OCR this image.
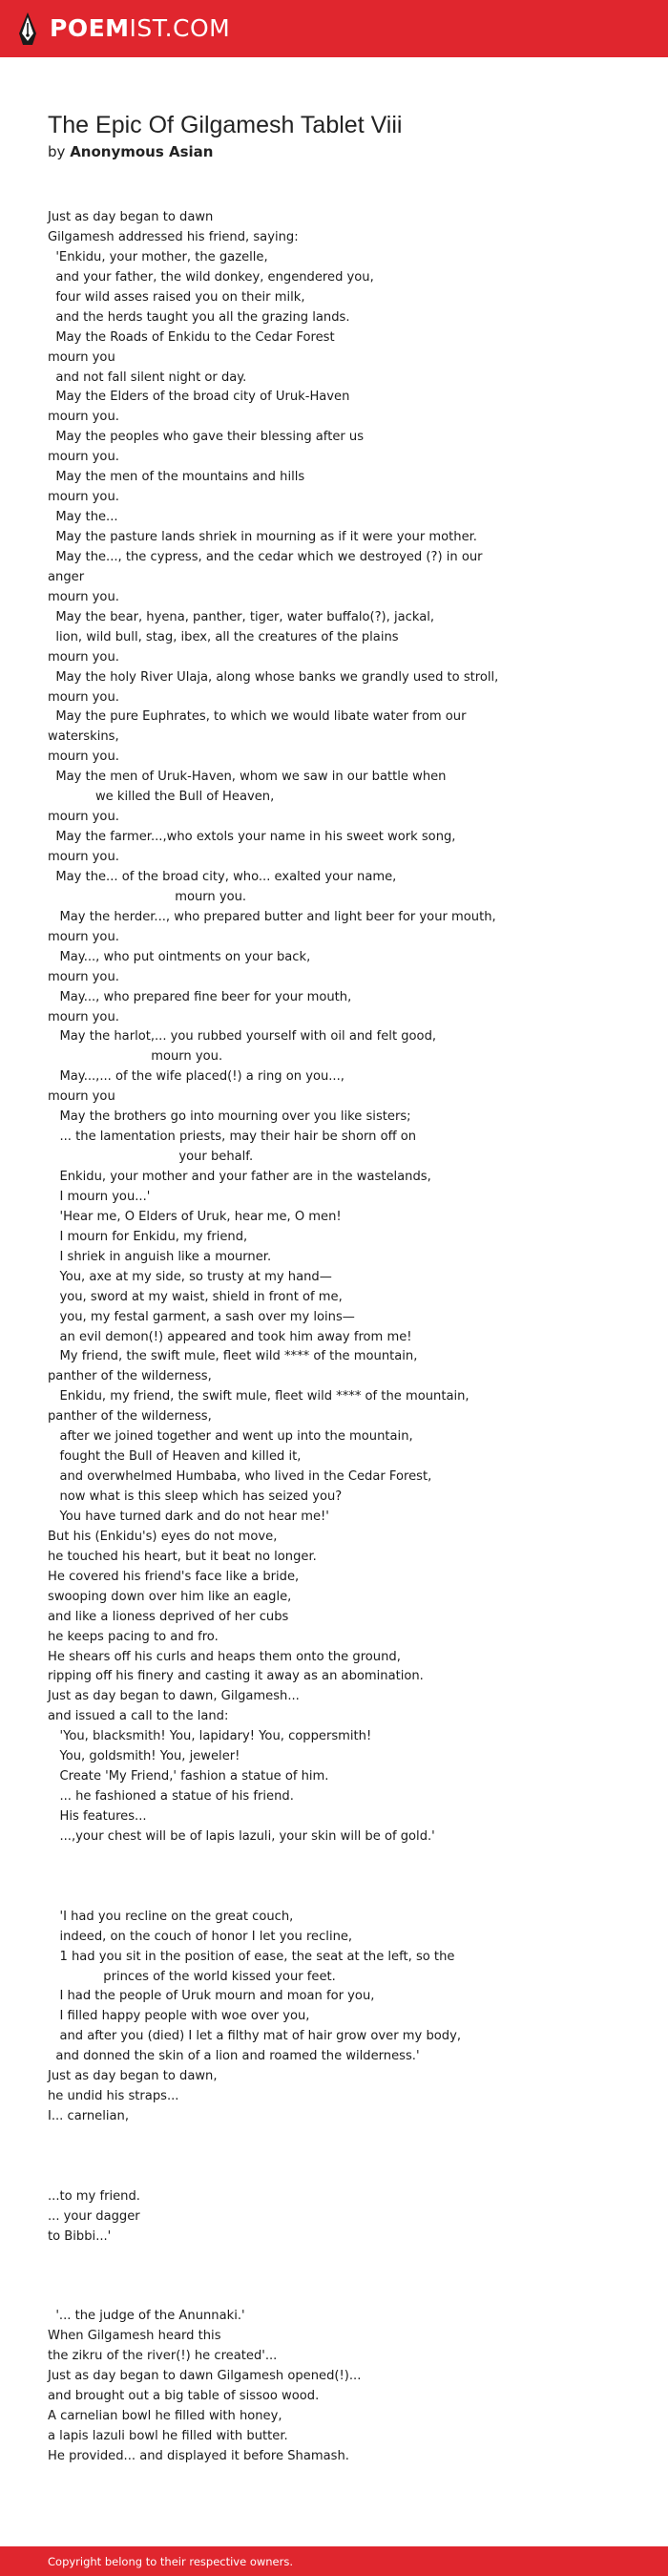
POEMIST.COM
The Epic Of Gilgamesh Tablet Viii
by Anonymous Asian
Just as day began to dawn
Gilgamesh addressed his friend, saying:
'Enkidu, your mother, the gazelle,
and your father, the wild donkey, engendered you,
four wild asses raised you on their milk,
and the herds taught you all the grazing lands.
May the Roads of Enkidu to the Cedar Forest
mourn you
and not fall silent night or day.
May the Elders of the broad city of Uruk-Haven
mourn you.
May the peoples who gave their blessing after us
mourn you.
May the men of the mountains and hills
mourn you.
May the...
May the pasture lands shriek in mourning as if it were your mother.
May the..., the cypress, and the cedar which we destroyed (?) in our
anger
mourn you.
May the bear, hyena, panther, tiger, water buffalo(?), jackal,
lion, wild bull, stag, ibex, all the creatures of the plains
mourn you.
May the holy River Ulaja, along whose banks we grandly used to stroll,
mourn you.
May the pure Euphrates, to which we would libate water from our
waterskins,
mourn you.
May the men of Uruk-Haven, whom we saw in our battle when
we killed the Bull of Heaven,
mourn you.
May the farmer...,who extols your name in his sweet work song,
mourn you.
May the... of the broad city, who... exalted your name,
mourn you.
May the herder..., who prepared butter and light beer for your mouth,
mourn you.
May..., who put ointments on your back,
mourn you.
May..., who prepared fine beer for your mouth,
mourn you.
May the harlot,... you rubbed yourself with oil and felt good,
mourn you.
May...,... of the wife placed(!) a ring on you...,
mourn you
May the brothers go into mourning over you like sisters;
... the lamentation priests, may their hair be shorn off on
your behalf.
Enkidu, your mother and your father are in the wastelands,
I mourn you...'
'Hear me, O Elders of Uruk, hear me, O men!
I mourn for Enkidu, my friend,
I shriek in anguish like a mourner.
You, axe at my side, so trusty at my hand—
you, sword at my waist, shield in front of me,
you, my festal garment, a sash over my loins—
an evil demon(!) appeared and took him away from me!
My friend, the swift mule, fleet wild **** of the mountain,
panther of the wilderness,
Enkidu, my friend, the swift mule, fleet wild **** of the mountain,
panther of the wilderness,
after we joined together and went up into the mountain,
fought the Bull of Heaven and killed it,
and overwhelmed Humbaba, who lived in the Cedar Forest,
now what is this sleep which has seized you?
You have turned dark and do not hear me!'
But his (Enkidu's) eyes do not move,
he touched his heart, but it beat no longer.
He covered his friend's face like a bride,
swooping down over him like an eagle,
and like a lioness deprived of her cubs
he keeps pacing to and fro.
He shears off his curls and heaps them onto the ground,
ripping off his finery and casting it away as an abomination.
Just as day began to dawn, Gilgamesh...
and issued a call to the land:
'You, blacksmith! You, lapidary! You, coppersmith!
You, goldsmith! You, jeweler!
Create 'My Friend,' fashion a statue of him.
... he fashioned a statue of his friend.
His features...
...,your chest will be of lapis lazuli, your skin will be of gold.'
'I had you recline on the great couch,
indeed, on the couch of honor I let you recline,
1 had you sit in the position of ease, the seat at the left, so the
princes of the world kissed your feet.
I had the people of Uruk mourn and moan for you,
I filled happy people with woe over you,
and after you (died) I let a filthy mat of hair grow over my body,
and donned the skin of a lion and roamed the wilderness.'
Just as day began to dawn,
he undid his straps...
I... carnelian,
...to my friend.
... your dagger
to Bibbi...'
'... the judge of the Anunnaki.'
When Gilgamesh heard this
the zikru of the river(!) he created'...
Just as day began to dawn Gilgamesh opened(!)...
and brought out a big table of sissoo wood.
A carnelian bowl he filled with honey,
a lapis lazuli bowl he filled with butter.
He provided... and displayed it before Shamash.
Copyright belong to their respective owners.
